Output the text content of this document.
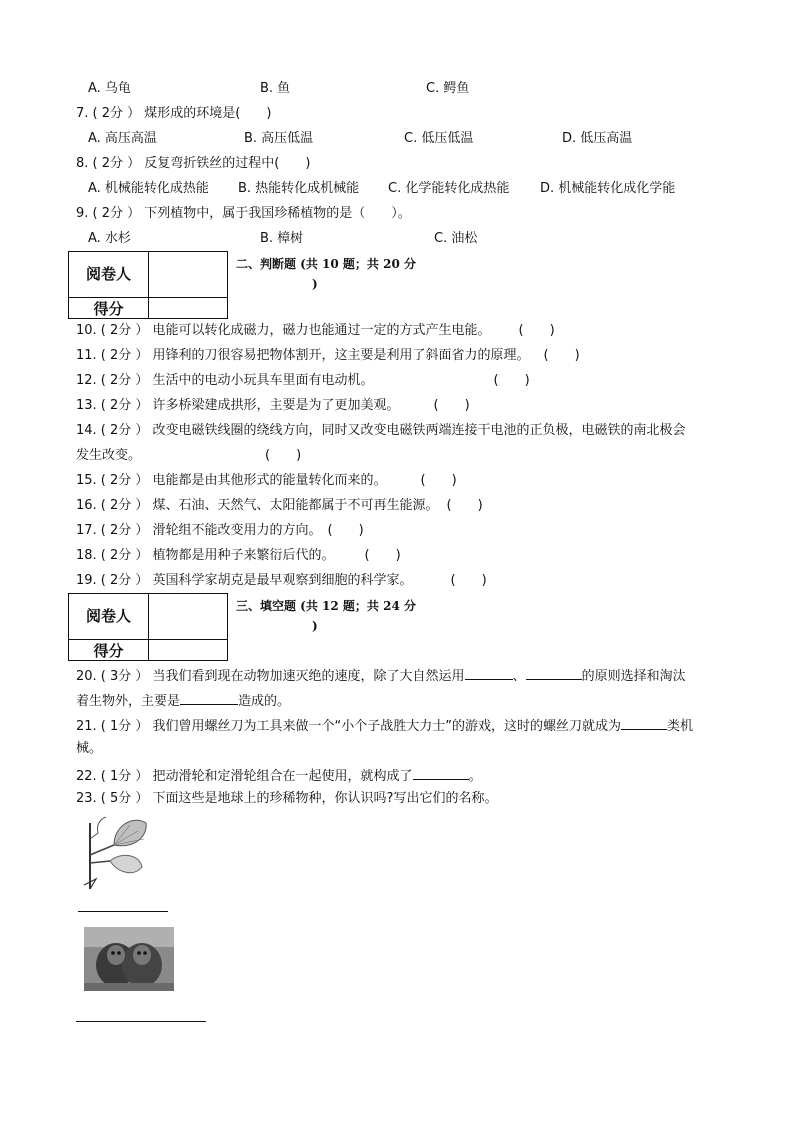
A. 乌龟	B. 鱼	C. 鳄鱼
7. ( 2分 ） 煤形成的环境是(　　)
A. 高压高温	B. 高压低温	C. 低压低温	D. 低压高温
8. ( 2分 ） 反复弯折铁丝的过程中(　　)
A. 机械能转化成热能 B. 热能转化成机械能 C. 化学能转化成热能 D. 机械能转化成化学能
9. ( 2分 ） 下列植物中，属于我国珍稀植物的是（　　）。
A. 水杉	B. 樟树	C. 油松
阅卷人
得分
二、判断题 (共 10 题；共 20 分
)
10. ( 2分 ） 电能可以转化成磁力，磁力也能通过一定的方式产生电能。 (　　)
11. ( 2分 ） 用锋利的刀很容易把物体割开，这主要是利用了斜面省力的原理。 (　　)
12. ( 2分 ） 生活中的电动小玩具车里面有电动机。	(　　)
13. ( 2分 ） 许多桥梁建成拱形，主要是为了更加美观。	(　　)
14. ( 2分 ） 改变电磁铁线圈的绕线方向，同时又改变电磁铁两端连接干电池的正负极，电磁铁的南北极会
发生改变。	(　　)
15. ( 2分 ） 电能都是由其他形式的能量转化而来的。	(　　)
16. ( 2分 ） 煤、石油、天然气、太阳能都属于不可再生能源。 (　　)
17. ( 2分 ） 滑轮组不能改变用力的方向。 (　　)
18. ( 2分 ） 植物都是用种子来繁衍后代的。 (　　)
19. ( 2分 ） 英国科学家胡克是最早观察到细胞的科学家。	(　　)
阅卷人
得分
三、填空题 (共 12 题；共 24 分
)
20. ( 3分 ） 当我们看到现在动物加速灭绝的速度，除了大自然运用	、	的原则选择和淘汰
着生物外，主要是	造成的。
21. ( 1分 ） 我们曾用螺丝刀为工具来做一个“小个子战胜大力士”的游戏，这时的螺丝刀就成为	类机
械。
22. ( 1分 ） 把动滑轮和定滑轮组合在一起使用，就构成了	。
23. ( 5分 ） 下面这些是地球上的珍稀物种，你认识吗?写出它们的名称。
